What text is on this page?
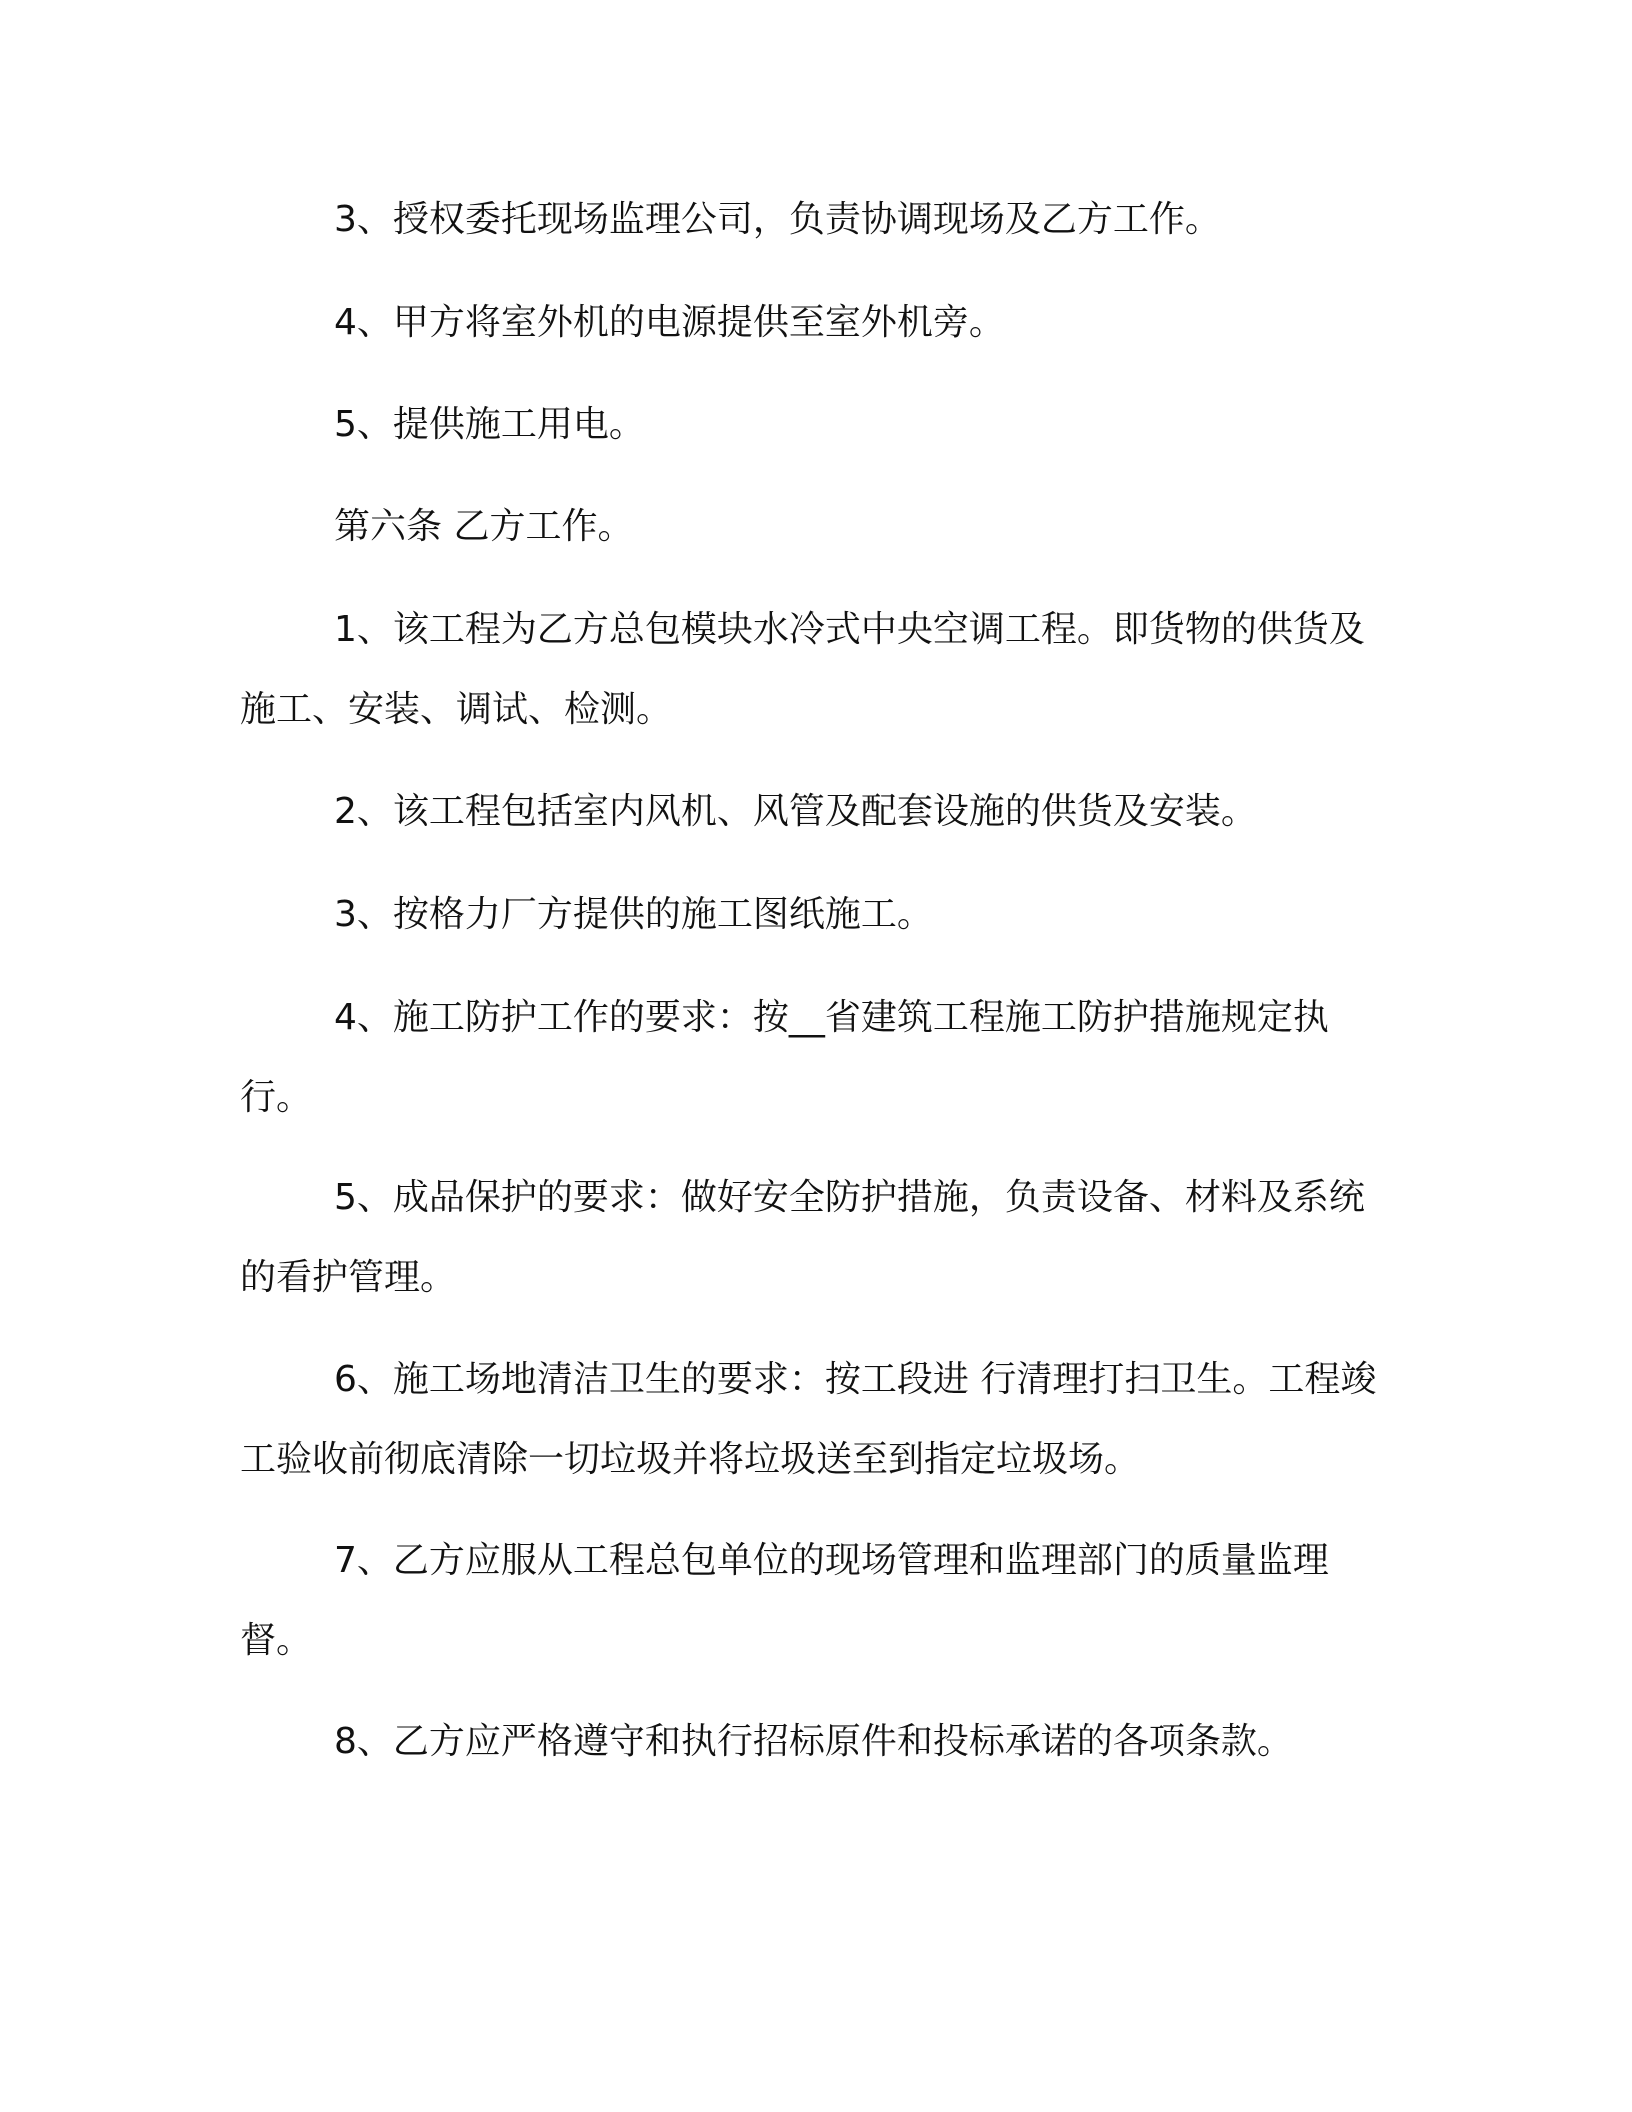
3、授权委托现场监理公司，负责协调现场及乙方工作。

4、甲方将室外机的电源提供至室外机旁。

5、提供施工用电。

第六条 乙方工作。

1、该工程为乙方总包模块水冷式中央空调工程。即货物的供货及施工、安装、调试、检测。

2、该工程包括室内风机、风管及配套设施的供货及安装。

3、按格力厂方提供的施工图纸施工。

4、施工防护工作的要求：按__省建筑工程施工防护措施规定执行。

5、成品保护的要求：做好安全防护措施，负责设备、材料及系统的看护管理。

6、施工场地清洁卫生的要求：按工段进 行清理打扫卫生。工程竣工验收前彻底清除一切垃圾并将垃圾送至到指定垃圾场。

7、乙方应服从工程总包单位的现场管理和监理部门的质量监理督。

8、乙方应严格遵守和执行招标原件和投标承诺的各项条款。
